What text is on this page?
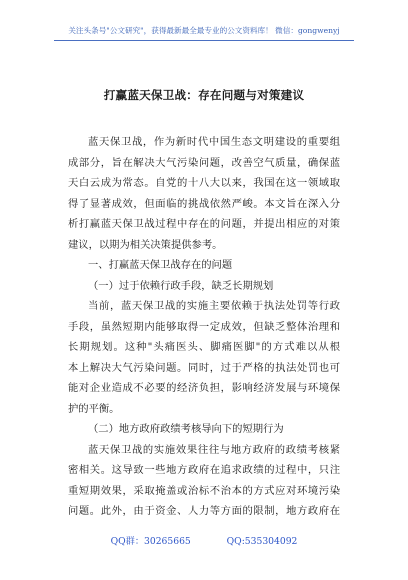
关注头条号"公文研究"，获得最新最全最专业的公文资料库！ 微信：gongwenyj
打赢蓝天保卫战：存在问题与对策建议
蓝天保卫战，作为新时代中国生态文明建设的重要组
成部分，旨在解决大气污染问题，改善空气质量，确保蓝
天白云成为常态。自党的十八大以来，我国在这一领域取
得了显著成效，但面临的挑战依然严峻。本文旨在深入分
析打赢蓝天保卫战过程中存在的问题，并提出相应的对策
建议，以期为相关决策提供参考。
一、打赢蓝天保卫战存在的问题
（一）过于依赖行政手段，缺乏长期规划
当前，蓝天保卫战的实施主要依赖于执法处罚等行政
手段，虽然短期内能够取得一定成效，但缺乏整体治理和
长期规划。这种"头痛医头、脚痛医脚"的方式难以从根
本上解决大气污染问题。同时，过于严格的执法处罚也可
能对企业造成不必要的经济负担，影响经济发展与环境保
护的平衡。
（二）地方政府政绩考核导向下的短期行为
蓝天保卫战的实施效果往往与地方政府的政绩考核紧
密相关。这导致一些地方政府在追求政绩的过程中，只注
重短期效果，采取掩盖或治标不治本的方式应对环境污染
问题。此外，由于资金、人力等方面的限制，地方政府在
QQ群：30265665	QQ:535304092
